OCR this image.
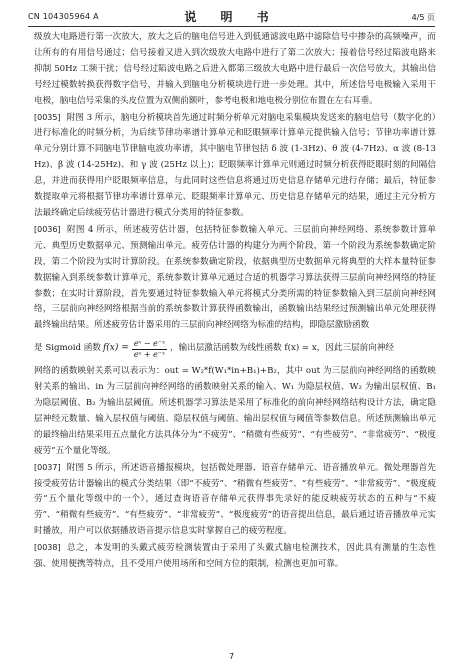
CN 104305964 A	说 明 书	4/5 页

级放大电路进行第一次放大，放大之后的脑电信号进入到低通滤波电路中滤除信号中掺杂的高频噪声，而让所有的有用信号通过；信号接着又进入到次级放大电路中进行了第二次放大；接着信号经过陷波电路来抑制 50Hz 工频干扰；信号经过陷波电路之后进入都第三级放大电路中进行最后一次信号放大，其输出信号经过模数转换获得数字信号，并输入到脑电分析模块进行进一步处理。其中，所述信号电极输入采用干电极，脑电信号采集的头皮位置为双侧前额叶，参考电极和地电极分别位布置在左右耳垂。

[0035] 附图 3 所示，脑电分析模块首先通过时频分析单元对脑电采集模块发送来的脑电信号（数字化的）进行标准化的时频分析，为后续节律功率谱计算单元和眨眼频率计算单元提供输入信号；节律功率谱计算单元分别计算不同脑电节律脑电波功率谱，其中脑电节律包括 δ 波 (1-3Hz)、θ 波 (4-7Hz)、α 波 (8-13Hz)、β 波 (14-25Hz)、和 γ 波 (25Hz 以上)；眨眼频率计算单元则通过时频分析获得眨眼时刻的间隔信息，并进而获得用户眨眼频率信息，与此同时这些信息将通过历史信息存储单元进行存储；最后，特征参数提取单元将根据节律功率谱计算单元、眨眼频率计算单元、历史信息存储单元的结果，通过主元分析方法最终确定后续疲劳估计器进行模式分类用的特征参数。

[0036] 附图 4 所示，所述疲劳估计器，包括特征参数输入单元、三层前向神经网络、系统参数计算单元、典型历史数据单元、预测输出单元。疲劳估计器的构建分为两个阶段，第一个阶段为系统参数确定阶段，第二个阶段为实时计算阶段。在系统参数确定阶段，依据典型历史数据单元将典型的大样本量特征参数据输入到系统参数计算单元，系统参数计算单元通过合适的机器学习算法获得三层前向神经网络的特征参数；在实时计算阶段，首先要通过特征参数输入单元将模式分类所需的特征参数输入到三层前向神经网络，三层前向神经网络根据当前的系统参数计算获得函数输出，函数输出结果经过预测输出单元处理获得最终输出结果。所述疲劳估计器采用的三层前向神经网络为标准的结构，即隐层激励函数

是 Sigmoid 函数 $f(x) = \frac{\text{eˣ − e⁻ˣ}}{\text{eˣ + e⁻ˣ}}$ ，输出层激活函数为线性函数 f(x) = x，因此三层前向神经

网络的函数映射关系可以表示为：out = W₂*f(W₁*in+B₁)+B₂，其中 out 为三层前向神经网络的函数映射关系的输出、in 为三层前向神经网络的函数映射关系的输入、W₁ 为隐层权值、W₂ 为输出层权值、B₁ 为隐层阈值、B₂ 为输出层阈值。所述机器学习算法是采用了标准化的前向神经网络结构设计方法，确定隐层神经元数量、输入层权值与阈值、隐层权值与阈值、输出层权值与阈值等参数信息。所述预测输出单元的最终输出结果采用五点量化方法具体分为“不疲劳”、“稍微有些疲劳”、“有些疲劳”、“非常疲劳”、“极度疲劳”五个量化等级。

[0037] 附图 5 所示，所述语音播报模块，包括微处理器、语音存储单元、语音播放单元。微处理器首先接受疲劳估计器输出的模式分类结果（即“不疲劳”、“稍微有些疲劳”、“有些疲劳”、“非常疲劳”、“极度疲劳”五个量化等级中的一个），通过查询语音存储单元获得事先录好的能反映疲劳状态的五种与“不疲劳”、“稍微有些疲劳”、“有些疲劳”、“非常疲劳”、“极度疲劳”的语音提出信息，最后通过语音播放单元实时播放，用户可以依据播放语音提示信息实时掌握自己的疲劳程度。

[0038] 总之，本发明的头戴式疲劳检测装置由于采用了头戴式脑电检测技术，因此具有测量的生态性强、使用便携等特点，且不受用户使用场所和空间方位的限制，检测也更加可靠。

7
